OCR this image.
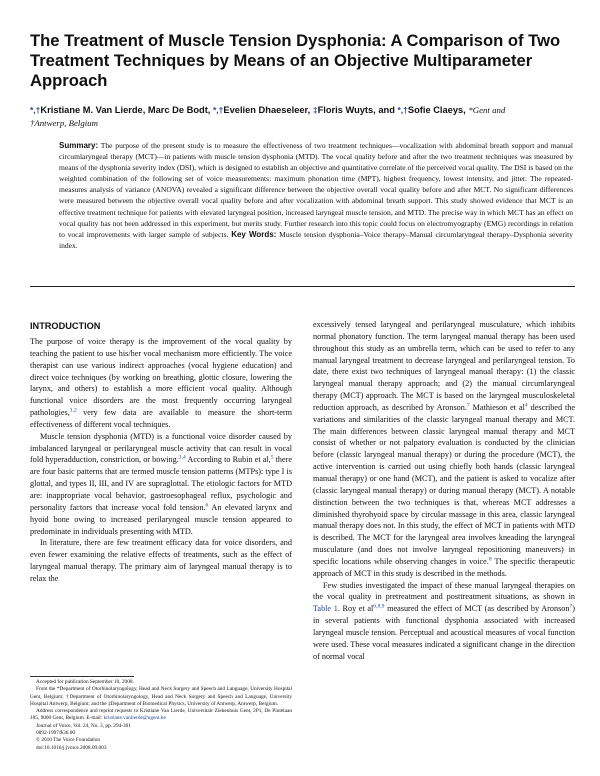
The Treatment of Muscle Tension Dysphonia: A Comparison of Two Treatment Techniques by Means of an Objective Multiparameter Approach
*,†Kristiane M. Van Lierde, Marc De Bodt, *,†Evelien Dhaeseleer, ‡Floris Wuyts, and *,†Sofie Claeys, *Gent and
†Antwerp, Belgium
Summary: The purpose of the present study is to measure the effectiveness of two treatment techniques—vocalization with abdominal breath support and manual circumlaryngeal therapy (MCT)—in patients with muscle tension dysphonia (MTD). The vocal quality before and after the two treatment techniques was measured by means of the dysphonia severity index (DSI), which is designed to establish an objective and quantitative correlate of the perceived vocal quality. The DSI is based on the weighted combination of the following set of voice measurements: maximum phonation time (MPT), highest frequency, lowest intensity, and jitter. The repeated-measures analysis of variance (ANOVA) revealed a significant difference between the objective overall vocal quality before and after MCT. No significant differences were measured between the objective overall vocal quality before and after vocalization with abdominal breath support. This study showed evidence that MCT is an effective treatment technique for patients with elevated laryngeal position, increased laryngeal muscle tension, and MTD. The precise way in which MCT has an effect on vocal quality has not been addressed in this experiment, but merits study. Further research into this topic could focus on electromyography (EMG) recordings in relation to vocal improvements with larger sample of subjects. Key Words: Muscle tension dysphonia–Voice therapy–Manual circumlaryngeal therapy–Dysphonia severity index.
INTRODUCTION

The purpose of voice therapy is the improvement of the vocal quality by teaching the patient to use his/her vocal mechanism more efficiently. The voice therapist can use various indirect approaches (vocal hygiene education) and direct voice techniques (by working on breathing, glottic closure, lowering the larynx, and others) to establish a more efficient vocal quality. Although functional voice disorders are the most frequently occurring laryngeal pathologies,$^{1,2}$ very few data are available to measure the short-term effectiveness of different vocal techniques.

Muscle tension dysphonia (MTD) is a functional voice disorder caused by imbalanced laryngeal or perilaryngeal muscle activity that can result in vocal fold hyperadduction, constriction, or bowing.$^{3,4}$ According to Rubin et al,$^5$ there are four basic patterns that are termed muscle tension patterns (MTPs): type I is glottal, and types II, III, and IV are supraglottal. The etiologic factors for MTD are: inappropriate vocal behavior, gastroesophageal reflux, psychologic and personality factors that increase vocal fold tension.$^6$ An elevated larynx and hyoid bone owing to increased perilaryngeal muscle tension appeared to predominate in individuals presenting with MTD.

In literature, there are few treatment efficacy data for voice disorders, and even fewer examining the relative effects of treatments, such as the effect of laryngeal manual therapy. The primary aim of laryngeal manual therapy is to relax the

excessively tensed laryngeal and perilaryngeal musculature, which inhibits normal phonatory function. The term laryngeal manual therapy has been used throughout this study as an umbrella term, which can be used to refer to any manual laryngeal treatment to decrease laryngeal and perilaryngeal tension. To date, there exist two techniques of laryngeal manual therapy: (1) the classic laryngeal manual therapy approach; and (2) the manual circumlaryngeal therapy (MCT) approach. The MCT is based on the laryngeal musculoskeletal reduction approach, as described by Aronson.$^7$ Mathieson et $al^4$ described the variations and similarities of the classic laryngeal manual therapy and MCT. The main differences between classic laryngeal manual therapy and MCT consist of whether or not palpatory evaluation is conducted by the clinician before (classic laryngeal manual therapy) or during the procedure (MCT), the active intervention is carried out using chiefly both hands (classic laryngeal manual therapy) or one hand (MCT), and the patient is asked to vocalize after (classic laryngeal manual therapy) or during manual therapy (MCT). A notable distinction between the two techniques is that, whereas MCT addresses a diminished thyrohyoid space by circular massage in this area, classic laryngeal manual therapy does not. In this study, the effect of MCT in patients with MTD is described. The MCT for the laryngeal area involves kneading the laryngeal musculature (and does not involve laryngeal repositioning maneuvers) in specific locations while observing changes in voice.$^8$ The specific therapeutic approach of MCT in this study is described in the methods.

Few studies investigated the impact of these manual laryngeal therapies on the vocal quality in pretreatment and posttreatment situations, as shown in Table 1. Roy et al$^{6,8,9}$ measured the effect of MCT (as described by Aronson$^7$) in several patients with functional dysphonia associated with increased laryngeal muscle tension. Perceptual and acoustical measures of vocal function were used. These vocal measures indicated a significant change in the direction of normal vocal

Accepted for publication September 10, 2008.

From the *Department of Otorhinolaryngology, Head and Neck Surgery and Speech and Language, University Hospital Gent, Belgium; †Department of Otorhinolaryngology, Head and Neck Surgery and Speech and Language, University Hospital Antwerp, Belgium; and the ‡Department of Biomedical Physics, University of Antwerp, Antwerp, Belgium.

Address correspondence and reprint requests to Kristiane Van Lierde, Universitair Ziekenhuis Gent, 2P1, De Pintelaan 185, 9000 Gent, Belgium. E-mail: kristiane.vanlierde@ugent.be

Journal of Voice, Vol. 24, No. 3, pp. 294-301

0892-1997/$36.00

© 2010 The Voice Foundation

doi:10.1016/j.jvoice.2008.09.003
